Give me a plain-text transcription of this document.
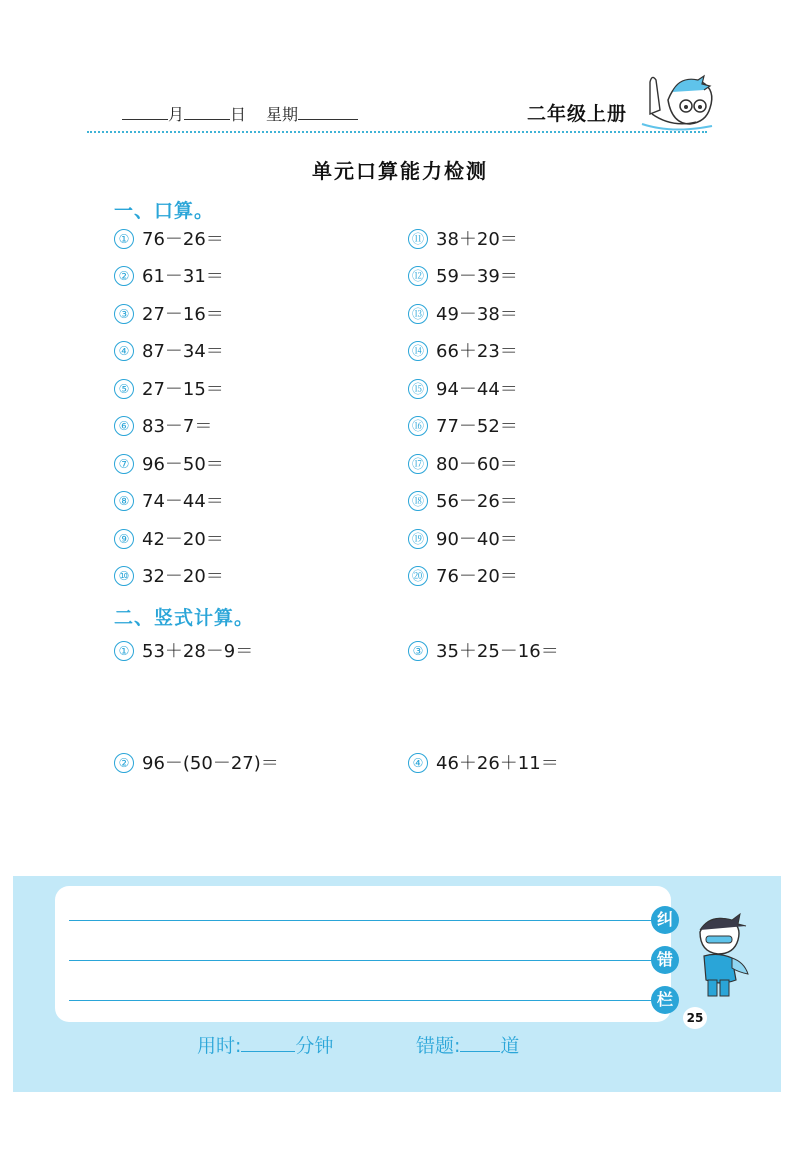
月	日 星期	二年级上册
单元口算能力检测
一、口算。
① 76－26＝
② 61－31＝
③ 27－16＝
④ 87－34＝
⑤ 27－15＝
⑥ 83－7＝
⑦ 96－50＝
⑧ 74－44＝
⑨ 42－20＝
⑩ 32－20＝
⑪ 38＋20＝
⑫ 59－39＝
⑬ 49－38＝
⑭ 66＋23＝
⑮ 94－44＝
⑯ 77－52＝
⑰ 80－60＝
⑱ 56－26＝
⑲ 90－40＝
⑳ 76－20＝
二、竖式计算。
① 53＋28－9＝	③ 35＋25－16＝
② 96－(50－27)＝	④ 46＋26＋11＝
纠
错
栏
25
用时:	分钟	错题: 道
